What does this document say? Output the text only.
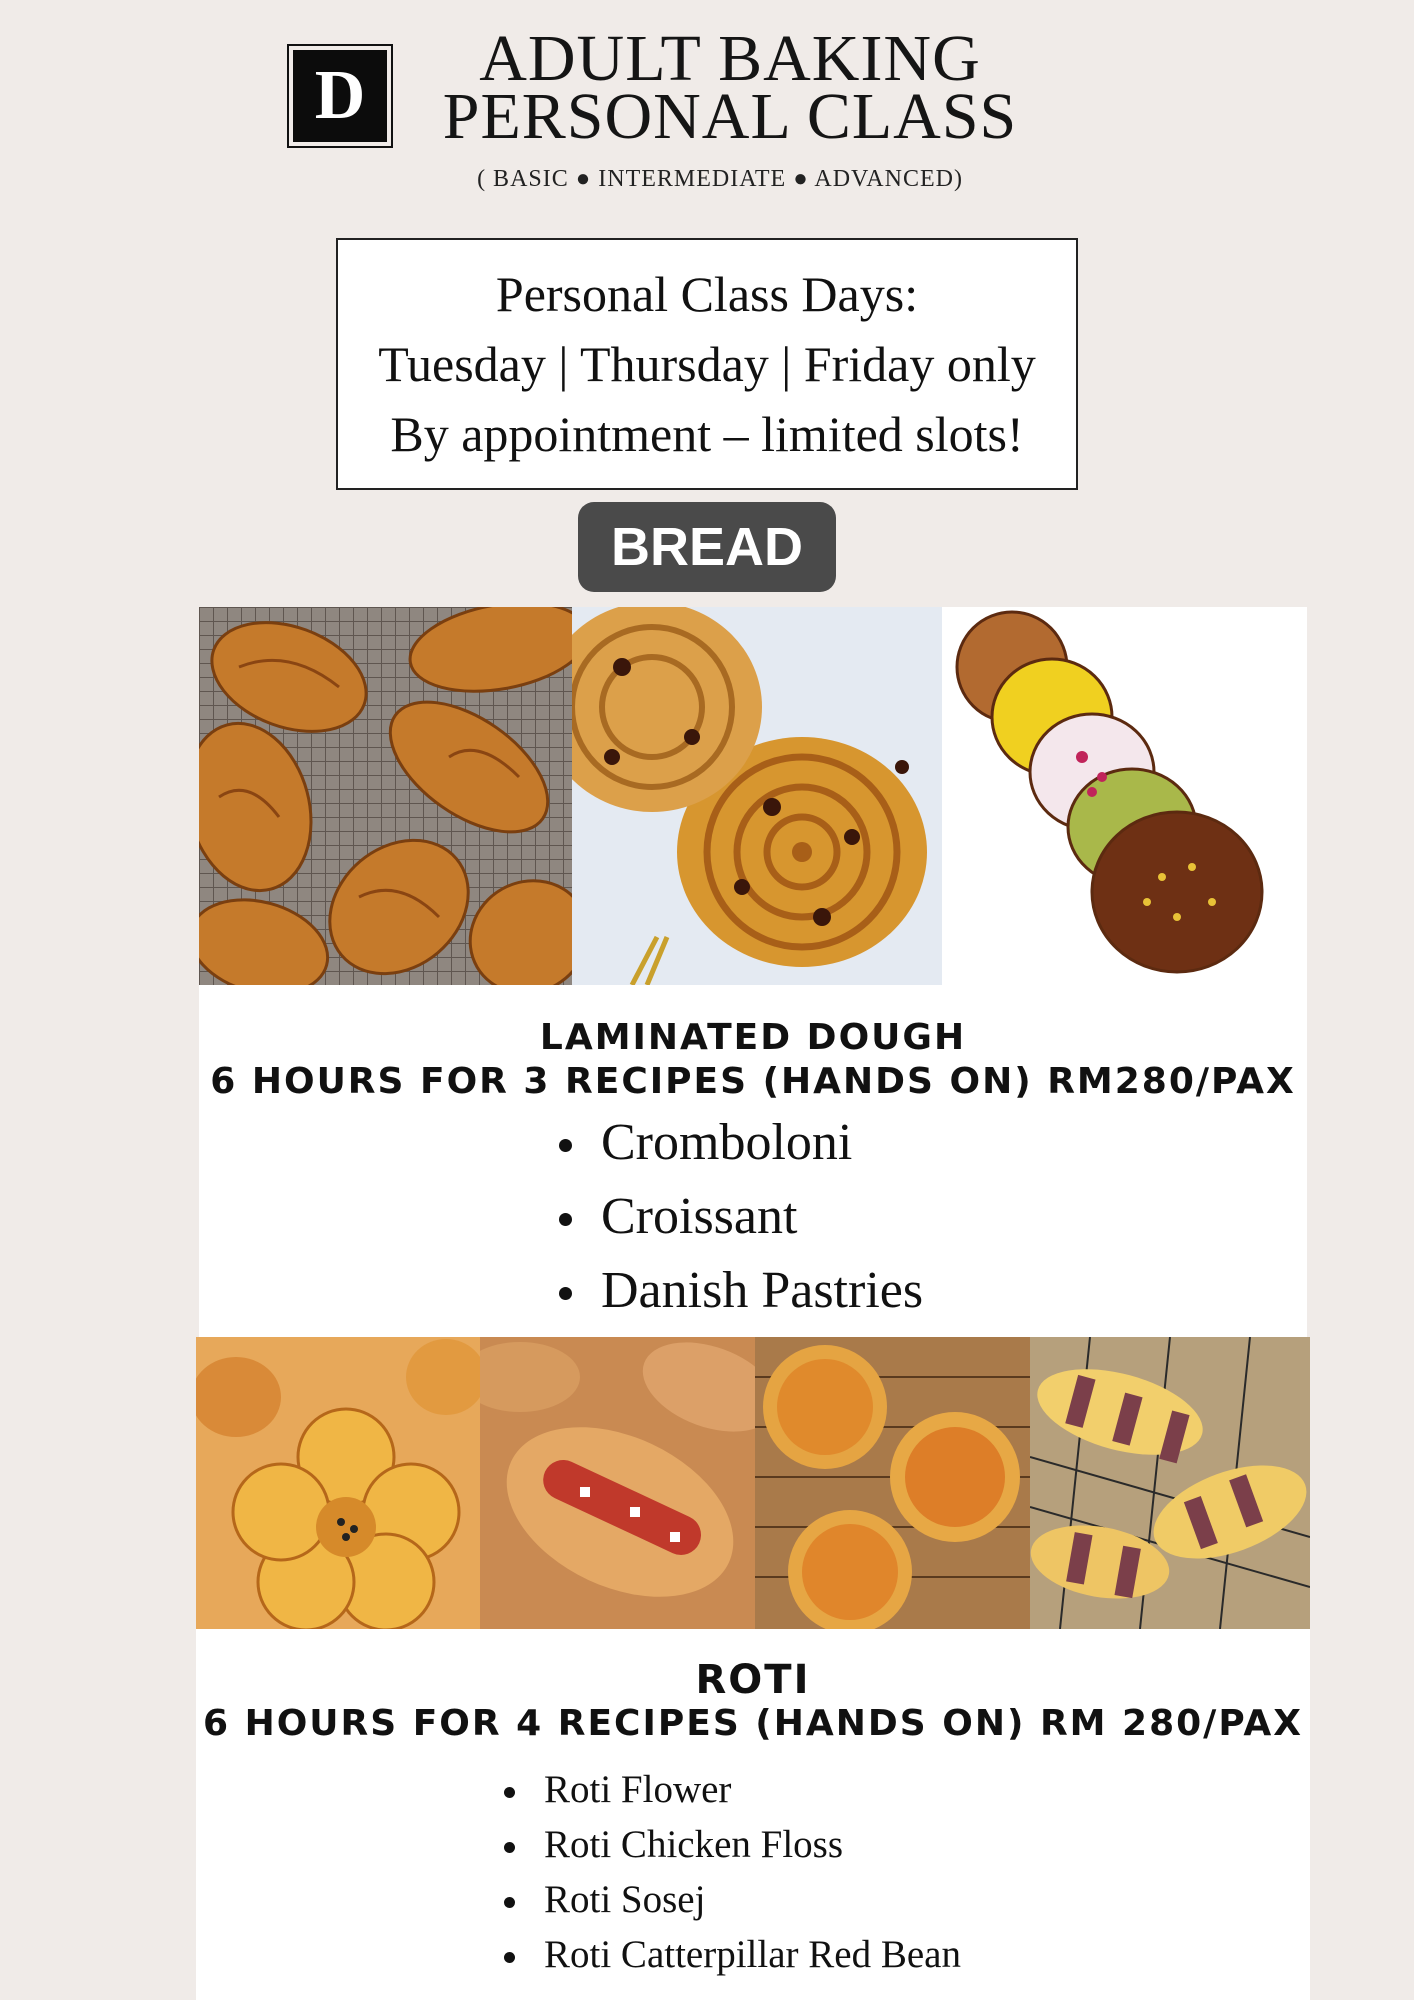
D	ADULT BAKING
PERSONAL CLASS
( BASIC ● INTERMEDIATE ● ADVANCED)
Personal Class Days:
Tuesday | Thursday | Friday only
By appointment – limited slots!
BREAD
LAMINATED DOUGH
6 HOURS FOR 3 RECIPES (HANDS ON) RM280/PAX
Cromboloni
Croissant
Danish Pastries
ROTI
6 HOURS FOR 4 RECIPES (HANDS ON) RM 280/PAX
Roti Flower
Roti Chicken Floss
Roti Sosej
Roti Catterpillar Red Bean
